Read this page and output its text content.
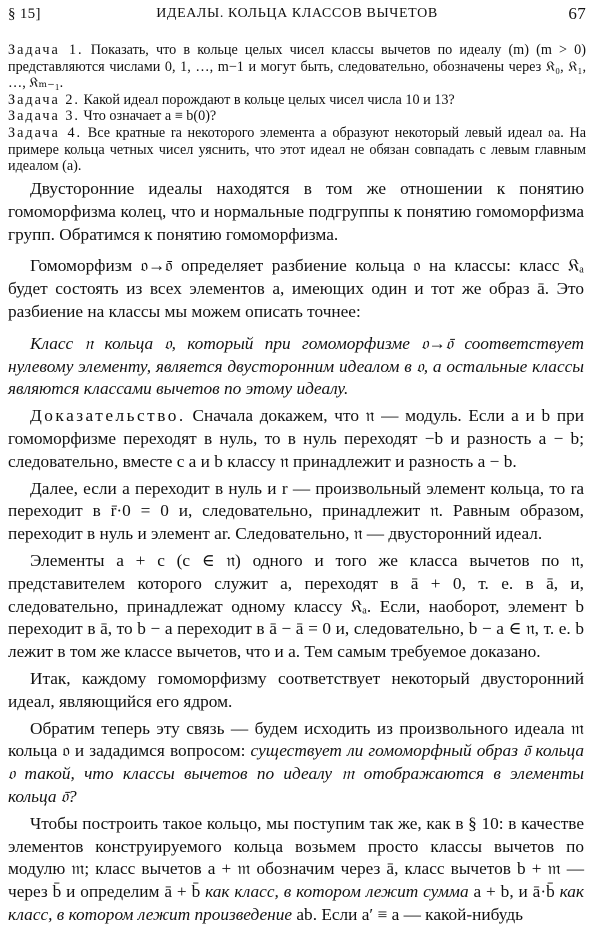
§ 15]	ИДЕАЛЫ. КОЛЬЦА КЛАССОВ ВЫЧЕТОВ	67

Задача 1. Показать, что в кольце целых чисел классы вычетов по идеалу (m) (m > 0) представляются числами 0, 1, …, m−1 и могут быть, следовательно, обозначены через 𝔎₀, 𝔎₁, …, 𝔎ₘ₋₁.

Задача 2. Какой идеал порождают в кольце целых чисел числа 10 и 13?

Задача 3. Что означает a ≡ b(0)?

Задача 4. Все кратные ra некоторого элемента a образуют некоторый левый идеал 𝔬a. На примере кольца четных чисел уяснить, что этот идеал не обязан совпадать с левым главным идеалом (a).

Двусторонние идеалы находятся в том же отношении к понятию гомоморфизма колец, что и нормальные подгруппы к понятию гомоморфизма групп. Обратимся к понятию гомоморфизма.

Гомоморфизм 𝔬→𝔬̄ определяет разбиение кольца 𝔬 на классы: класс 𝔎ₐ будет состоять из всех элементов a, имеющих один и тот же образ ā. Это разбиение на классы мы можем описать точнее:

Класс 𝔫 кольца 𝔬, который при гомоморфизме 𝔬→𝔬̄ соответствует нулевому элементу, является двусторонним идеалом в 𝔬, а остальные классы являются классами вычетов по этому идеалу.

Доказательство. Сначала докажем, что 𝔫 — модуль. Если a и b при гомоморфизме переходят в нуль, то в нуль переходят −b и разность a − b; следовательно, вместе с a и b классу 𝔫 принадлежит и разность a − b.

Далее, если a переходит в нуль и r — произвольный элемент кольца, то ra переходит в r̄·0 = 0 и, следовательно, принадлежит 𝔫. Равным образом, переходит в нуль и элемент ar. Следовательно, 𝔫 — двусторонний идеал.

Элементы a + c (c ∈ 𝔫) одного и того же класса вычетов по 𝔫, представителем которого служит a, переходят в ā + 0, т. е. в ā, и, следовательно, принадлежат одному классу 𝔎ₐ. Если, наоборот, элемент b переходит в ā, то b − a переходит в ā − ā = 0 и, следовательно, b − a ∈ 𝔫, т. е. b лежит в том же классе вычетов, что и a. Тем самым требуемое доказано.

Итак, каждому гомоморфизму соответствует некоторый двусторонний идеал, являющийся его ядром.

Обратим теперь эту связь — будем исходить из произвольного идеала 𝔪 кольца 𝔬 и зададимся вопросом: существует ли гомоморфный образ 𝔬̄ кольца 𝔬 такой, что классы вычетов по идеалу 𝔪 отображаются в элементы кольца 𝔬̄?

Чтобы построить такое кольцо, мы поступим так же, как в § 10: в качестве элементов конструируемого кольца возьмем просто классы вычетов по модулю 𝔪; класс вычетов a + 𝔪 обозначим через ā, класс вычетов b + 𝔪 — через b̄ и определим ā + b̄ как класс, в котором лежит сумма a + b, и ā·b̄ как класс, в котором лежит произведение ab. Если a′ ≡ a — какой-нибудь
